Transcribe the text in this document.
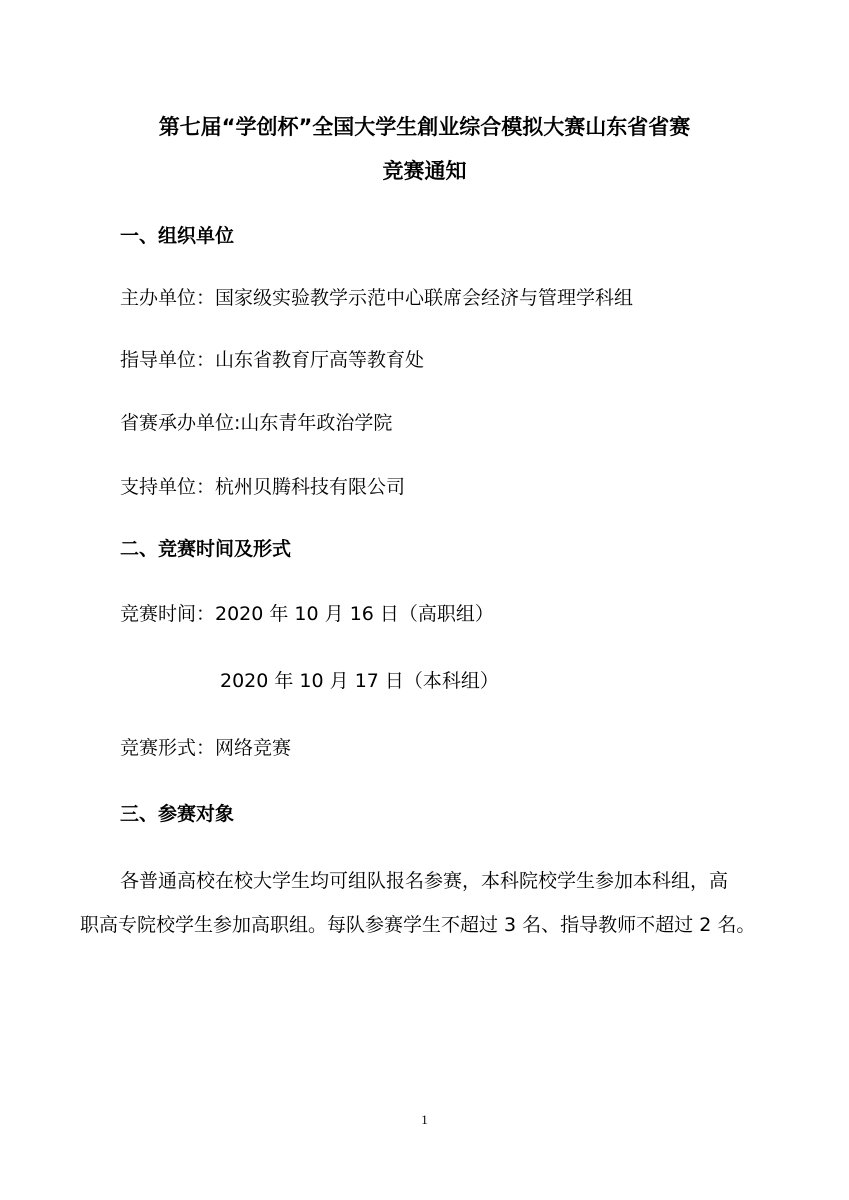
第七届“学创杯”全国大学生創业综合模拟大赛山东省省赛
竞赛通知
一、组织单位
主办单位：国家级实验教学示范中心联席会经济与管理学科组
指导单位：山东省教育厅高等教育处
省赛承办单位:山东青年政治学院
支持单位：杭州贝腾科技有限公司
二、竞赛时间及形式
竞赛时间：2020 年 10 月 16 日（高职组）
2020 年 10 月 17 日（本科组）
竞赛形式：网络竞赛
三、参赛对象
各普通高校在校大学生均可组队报名参赛，本科院校学生参加本科组，高
职高专院校学生参加高职组。每队参赛学生不超过 3 名、指导教师不超过 2 名。
1
